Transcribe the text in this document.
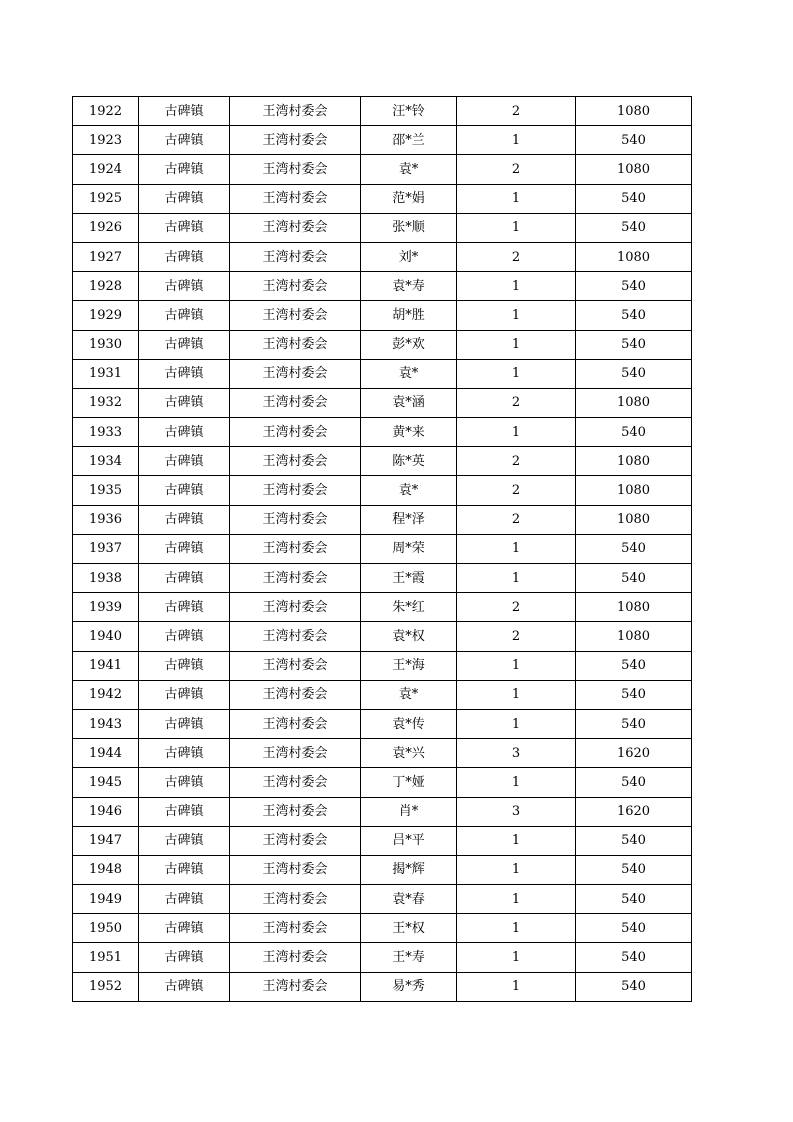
1922	古碑镇	王湾村委会	汪*铃	2	1080
1923	古碑镇	王湾村委会	邵*兰	1	540
1924	古碑镇	王湾村委会	袁*	2	1080
1925	古碑镇	王湾村委会	范*娟	1	540
1926	古碑镇	王湾村委会	张*顺	1	540
1927	古碑镇	王湾村委会	刘*	2	1080
1928	古碑镇	王湾村委会	袁*寿	1	540
1929	古碑镇	王湾村委会	胡*胜	1	540
1930	古碑镇	王湾村委会	彭*欢	1	540
1931	古碑镇	王湾村委会	袁*	1	540
1932	古碑镇	王湾村委会	袁*涵	2	1080
1933	古碑镇	王湾村委会	黄*来	1	540
1934	古碑镇	王湾村委会	陈*英	2	1080
1935	古碑镇	王湾村委会	袁*	2	1080
1936	古碑镇	王湾村委会	程*泽	2	1080
1937	古碑镇	王湾村委会	周*荣	1	540
1938	古碑镇	王湾村委会	王*霞	1	540
1939	古碑镇	王湾村委会	朱*红	2	1080
1940	古碑镇	王湾村委会	袁*权	2	1080
1941	古碑镇	王湾村委会	王*海	1	540
1942	古碑镇	王湾村委会	袁*	1	540
1943	古碑镇	王湾村委会	袁*传	1	540
1944	古碑镇	王湾村委会	袁*兴	3	1620
1945	古碑镇	王湾村委会	丁*娅	1	540
1946	古碑镇	王湾村委会	肖*	3	1620
1947	古碑镇	王湾村委会	吕*平	1	540
1948	古碑镇	王湾村委会	揭*辉	1	540
1949	古碑镇	王湾村委会	袁*春	1	540
1950	古碑镇	王湾村委会	王*权	1	540
1951	古碑镇	王湾村委会	王*寿	1	540
1952	古碑镇	王湾村委会	易*秀	1	540
